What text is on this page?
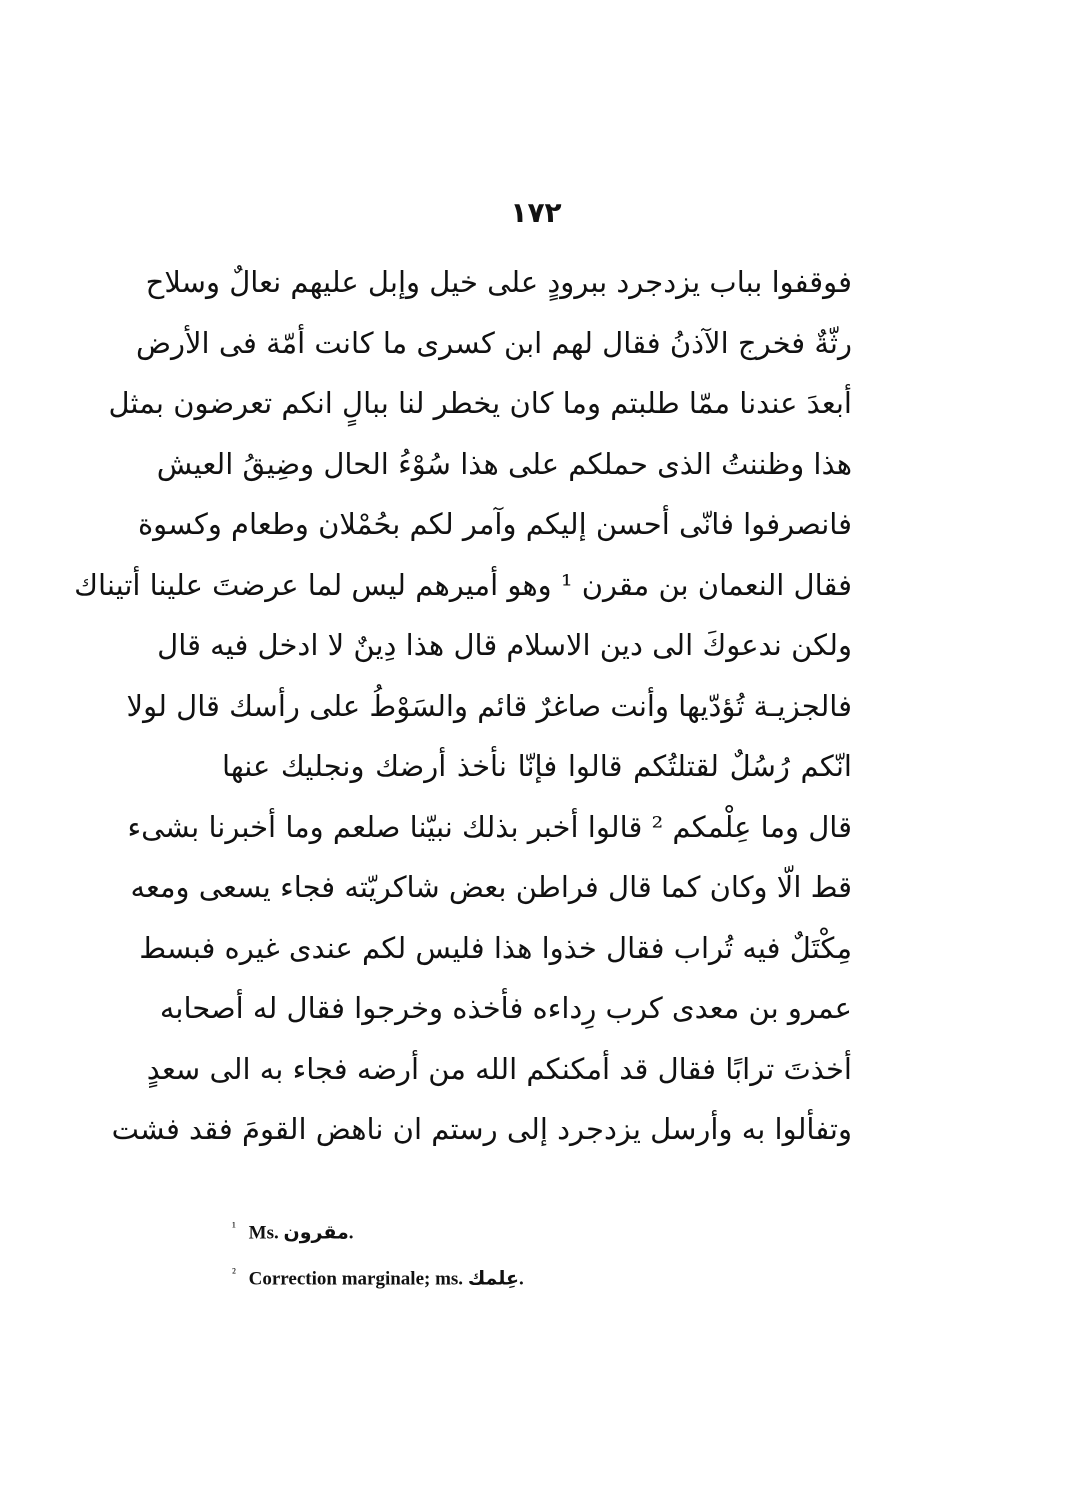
١٧٢
فوقفوا بباب يزدجرد ببرودٍ على خيل وإبل عليهم نعالٌ وسلاح
رثّةٌ فخرج الآذنُ فقال لهم ابن كسرى ما كانت أمّة فى الأرض
أبعدَ عندنا ممّا طلبتم وما كان يخطر لنا ببالٍ انكم تعرضون بمثل
هذا وظننتُ الذى حملكم على هذا سُوْءُ الحال وضِيقُ العيش
فانصرفوا فانّى أحسن إليكم وآمر لكم بحُمْلان وطعام وكسوة
فقال النعمان بن مقرن ¹ وهو أميرهم ليس لما عرضتَ علينا أتيناك
ولكن ندعوكَ الى دين الاسلام قال هذا دِينٌ لا ادخل فيه قال
فالجزيـة تُؤدّيها وأنت صاغرٌ قائم والسَوْطُ على رأسك قال لولا
انّكم رُسُلٌ لقتلتُكم قالوا فإنّا نأخذ أرضك ونجليك عنها
قال وما عِلْمكم ² قالوا أخبر بذلك نبيّنا صلعم وما أخبرنا بشىء
قط الّا وكان كما قال فراطن بعض شاكريّته فجاء يسعى ومعه
مِكْتَلٌ فيه تُراب فقال خذوا هذا فليس لكم عندى غيره فبسط
عمرو بن معدى كرب رِداءه فأخذه وخرجوا فقال له أصحابه
أخذتَ ترابًا فقال قد أمكنكم الله من أرضه فجاء به الى سعدٍ
وتفألوا به وأرسل يزدجرد إلى رستم ان ناهض القومَ فقد فشت
$^{^1}$ Ms. مقرون.
$^{^2}$ Correction marginale; ms. عِلمك.
